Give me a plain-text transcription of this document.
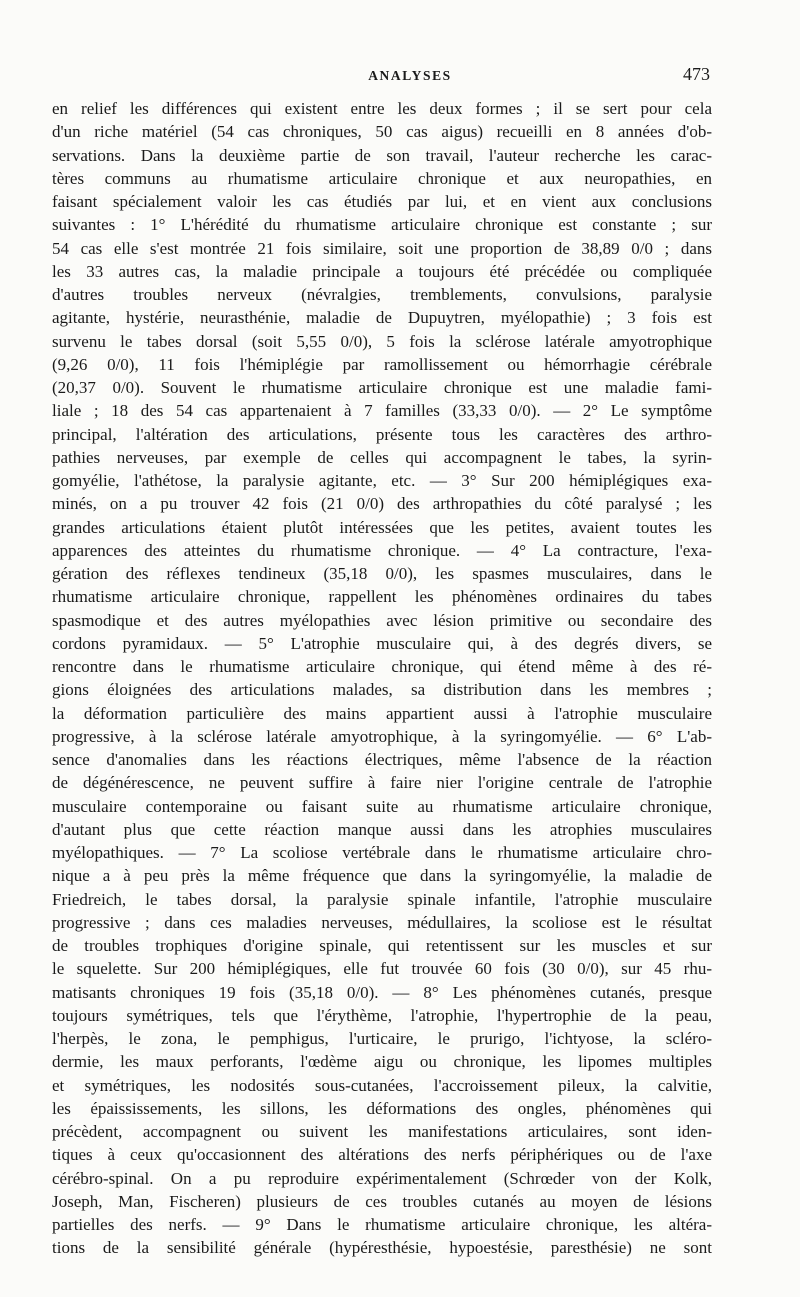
ANALYSES	473
en relief les différences qui existent entre les deux formes ; il se sert pour cela
d'un riche matériel (54 cas chroniques, 50 cas aigus) recueilli en 8 années d'ob-
servations. Dans la deuxième partie de son travail, l'auteur recherche les carac-
tères communs au rhumatisme articulaire chronique et aux neuropathies, en
faisant spécialement valoir les cas étudiés par lui, et en vient aux conclusions
suivantes : 1° L'hérédité du rhumatisme articulaire chronique est constante ; sur
54 cas elle s'est montrée 21 fois similaire, soit une proportion de 38,89 0/0 ; dans
les 33 autres cas, la maladie principale a toujours été précédée ou compliquée
d'autres troubles nerveux (névralgies, tremblements, convulsions, paralysie
agitante, hystérie, neurasthénie, maladie de Dupuytren, myélopathie) ; 3 fois est
survenu le tabes dorsal (soit 5,55 0/0), 5 fois la sclérose latérale amyotrophique
(9,26 0/0), 11 fois l'hémiplégie par ramollissement ou hémorrhagie cérébrale
(20,37 0/0). Souvent le rhumatisme articulaire chronique est une maladie fami-
liale ; 18 des 54 cas appartenaient à 7 familles (33,33 0/0). — 2° Le symptôme
principal, l'altération des articulations, présente tous les caractères des arthro-
pathies nerveuses, par exemple de celles qui accompagnent le tabes, la syrin-
gomyélie, l'athétose, la paralysie agitante, etc. — 3° Sur 200 hémiplégiques exa-
minés, on a pu trouver 42 fois (21 0/0) des arthropathies du côté paralysé ; les
grandes articulations étaient plutôt intéressées que les petites, avaient toutes les
apparences des atteintes du rhumatisme chronique. — 4° La contracture, l'exa-
gération des réflexes tendineux (35,18 0/0), les spasmes musculaires, dans le
rhumatisme articulaire chronique, rappellent les phénomènes ordinaires du tabes
spasmodique et des autres myélopathies avec lésion primitive ou secondaire des
cordons pyramidaux. — 5° L'atrophie musculaire qui, à des degrés divers, se
rencontre dans le rhumatisme articulaire chronique, qui étend même à des ré-
gions éloignées des articulations malades, sa distribution dans les membres ;
la déformation particulière des mains appartient aussi à l'atrophie musculaire
progressive, à la sclérose latérale amyotrophique, à la syringomyélie. — 6° L'ab-
sence d'anomalies dans les réactions électriques, même l'absence de la réaction
de dégénérescence, ne peuvent suffire à faire nier l'origine centrale de l'atrophie
musculaire contemporaine ou faisant suite au rhumatisme articulaire chronique,
d'autant plus que cette réaction manque aussi dans les atrophies musculaires
myélopathiques. — 7° La scoliose vertébrale dans le rhumatisme articulaire chro-
nique a à peu près la même fréquence que dans la syringomyélie, la maladie de
Friedreich, le tabes dorsal, la paralysie spinale infantile, l'atrophie musculaire
progressive ; dans ces maladies nerveuses, médullaires, la scoliose est le résultat
de troubles trophiques d'origine spinale, qui retentissent sur les muscles et sur
le squelette. Sur 200 hémiplégiques, elle fut trouvée 60 fois (30 0/0), sur 45 rhu-
matisants chroniques 19 fois (35,18 0/0). — 8° Les phénomènes cutanés, presque
toujours symétriques, tels que l'érythème, l'atrophie, l'hypertrophie de la peau,
l'herpès, le zona, le pemphigus, l'urticaire, le prurigo, l'ichtyose, la scléro-
dermie, les maux perforants, l'œdème aigu ou chronique, les lipomes multiples
et symétriques, les nodosités sous-cutanées, l'accroissement pileux, la calvitie,
les épaississements, les sillons, les déformations des ongles, phénomènes qui
précèdent, accompagnent ou suivent les manifestations articulaires, sont iden-
tiques à ceux qu'occasionnent des altérations des nerfs périphériques ou de l'axe
cérébro-spinal. On a pu reproduire expérimentalement (Schrœder von der Kolk,
Joseph, Man, Fischeren) plusieurs de ces troubles cutanés au moyen de lésions
partielles des nerfs. — 9° Dans le rhumatisme articulaire chronique, les altéra-
tions de la sensibilité générale (hypéresthésie, hypoestésie, paresthésie) ne sont
